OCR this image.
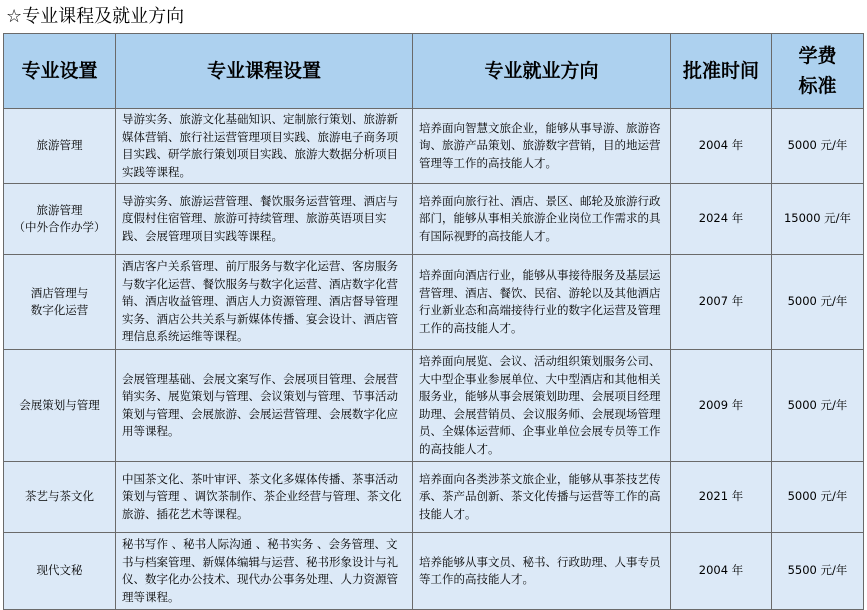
☆专业课程及就业方向
专业设置	专业课程设置	专业就业方向	批准时间	学费
标准
旅游管理	导游实务、旅游文化基础知识、定制旅行策划、旅游新媒体营销、旅行社运营管理项目实践、旅游电子商务项目实践、研学旅行策划项目实践、旅游大数据分析项目实践等课程。	培养面向智慧文旅企业，能够从事导游、旅游咨询、旅游产品策划、旅游数字营销，目的地运营管理等工作的高技能人才。	2004 年	5000 元/年
旅游管理
（中外合作办学）	导游实务、旅游运营管理、餐饮服务运营管理、酒店与度假村住宿管理、旅游可持续管理、旅游英语项目实践、会展管理项目实践等课程。	培养面向旅行社、酒店、景区、邮轮及旅游行政部门，能够从事相关旅游企业岗位工作需求的具有国际视野的高技能人才。	2024 年	15000 元/年
酒店管理与
数字化运营	酒店客户关系管理、前厅服务与数字化运营、客房服务与数字化运营、餐饮服务与数字化运营、酒店数字化营销、酒店收益管理、酒店人力资源管理、酒店督导管理实务、酒店公共关系与新媒体传播、宴会设计、酒店管理信息系统运维等课程。	培养面向酒店行业，能够从事接待服务及基层运营管理、酒店、餐饮、民宿、游轮以及其他酒店行业新业态和高端接待行业的数字化运营及管理工作的高技能人才。	2007 年	5000 元/年
会展策划与管理	会展管理基础、会展文案写作、会展项目管理、会展营销实务、展览策划与管理、会议策划与管理、节事活动策划与管理、会展旅游、会展运营管理、会展数字化应用等课程。	培养面向展览、会议、活动组织策划服务公司、大中型企事业参展单位、大中型酒店和其他相关服务业，能够从事会展策划助理、会展项目经理助理、会展营销员、会议服务师、会展现场管理员、全媒体运营师、企事业单位会展专员等工作的高技能人才。	2009 年	5000 元/年
茶艺与茶文化	中国茶文化、茶叶审评、茶文化多媒体传播、茶事活动策划与管理 、调饮茶制作、茶企业经营与管理、茶文化旅游、插花艺术等课程。	培养面向各类涉茶文旅企业，能够从事茶技艺传承、茶产品创新、茶文化传播与运营等工作的高技能人才。	2021 年	5000 元/年
现代文秘	秘书写作 、秘书人际沟通 、秘书实务 、会务管理、文书与档案管理、新媒体编辑与运营、秘书形象设计与礼仪、数字化办公技术、现代办公事务处理、人力资源管理等课程。	培养能够从事文员、秘书、行政助理、人事专员等工作的高技能人才。	2004 年	5500 元/年
